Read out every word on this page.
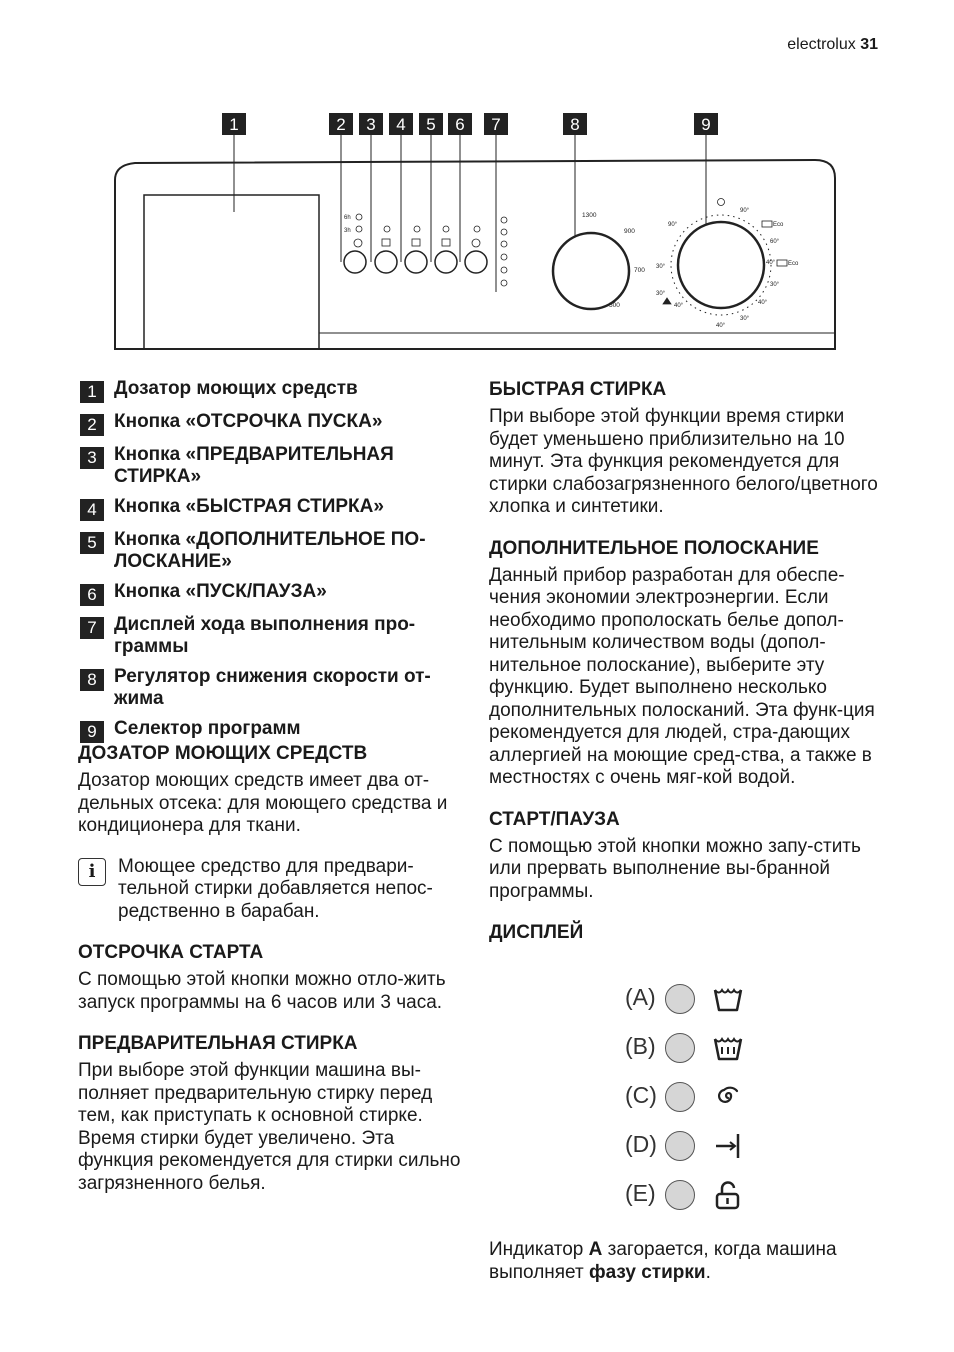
electrolux 31
1	2 3 4 5 6 7	8	9
6h
3h
1300
900
700
500
90°
60°
40°
30°
40°
30°
40°
30°
40°
30°
90°	Eco
Eco
1 Дозатор моющих средств
2 Кнопка «ОТСРОЧКА ПУСКА»
3 Кнопка «ПРЕДВАРИТЕЛЬНАЯ СТИРКА»
4 Кнопка «БЫСТРАЯ СТИРКА»
5 Кнопка «ДОПОЛНИТЕЛЬНОЕ ПО-ЛОСКАНИЕ»
6 Кнопка «ПУСК/ПАУЗА»
7 Дисплей хода выполнения про-граммы
8 Регулятор снижения скорости от-жима
9 Селектор программ
ДОЗАТОР МОЮЩИХ СРЕДСТВ

Дозатор моющих средств имеет два от-дельных отсека: для моющего средства и кондиционера для ткани.

i	Моющее средство для предвари-тельной стирки добавляется непос-редственно в барабан.

ОТСРОЧКА СТАРТА

С помощью этой кнопки можно отло-жить запуск программы на 6 часов или 3 часа.

ПРЕДВАРИТЕЛЬНАЯ СТИРКА

При выборе этой функции машина вы-полняет предварительную стирку перед тем, как приступать к основной стирке. Время стирки будет увеличено. Эта функция рекомендуется для стирки сильно загрязненного белья.

БЫСТРАЯ СТИРКА

При выборе этой функции время стирки будет уменьшено приблизительно на 10 минут. Эта функция рекомендуется для стирки слабозагрязненного белого/цветного хлопка и синтетики.

ДОПОЛНИТЕЛЬНОЕ ПОЛОСКАНИЕ

Данный прибор разработан для обеспе-чения экономии электроэнергии. Если необходимо прополоскать белье допол-нительным количеством воды (допол-нительное полоскание), выберите эту функцию. Будет выполнено несколько дополнительных полосканий. Эта функ-ция рекомендуется для людей, стра-дающих аллергией на моющие сред-ства, а также в местностях с очень мяг-кой водой.

СТАРТ/ПАУЗА

С помощью этой кнопки можно запу-стить или прервать выполнение вы-бранной программы.

ДИСПЛЕЙ
(A)
(B)
(C)
(D)
(E)

Индикатор A загорается, когда машина выполняет фазу стирки.
